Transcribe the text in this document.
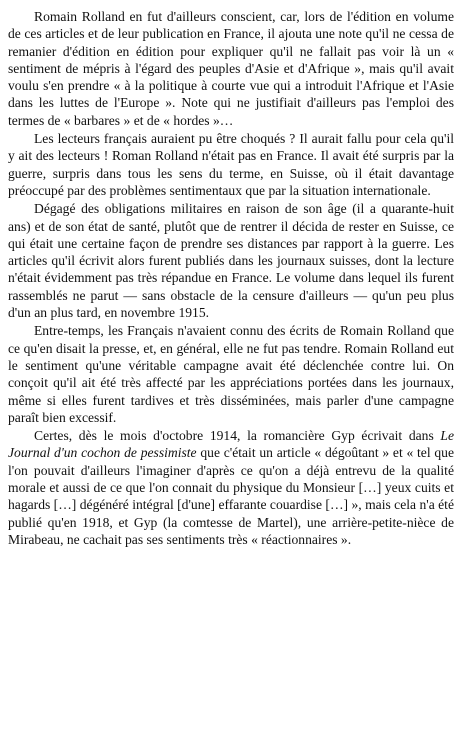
Romain Rolland en fut d'ailleurs conscient, car, lors de l'édition en volume de ces articles et de leur publication en France, il ajouta une note qu'il ne cessa de remanier d'édition en édition pour expliquer qu'il ne fallait pas voir là un « sentiment de mépris à l'égard des peuples d'Asie et d'Afrique », mais qu'il avait voulu s'en prendre « à la politique à courte vue qui a introduit l'Afrique et l'Asie dans les luttes de l'Europe ». Note qui ne justifiait d'ailleurs pas l'emploi des termes de « barbares » et de « hordes »…

Les lecteurs français auraient pu être choqués ? Il aurait fallu pour cela qu'il y ait des lecteurs ! Roman Rolland n'était pas en France. Il avait été surpris par la guerre, surpris dans tous les sens du terme, en Suisse, où il était davantage préoccupé par des problèmes sentimentaux que par la situation internationale.

Dégagé des obligations militaires en raison de son âge (il a quarante-huit ans) et de son état de santé, plutôt que de rentrer il décida de rester en Suisse, ce qui était une certaine façon de prendre ses distances par rapport à la guerre. Les articles qu'il écrivit alors furent publiés dans les journaux suisses, dont la lecture n'était évidemment pas très répandue en France. Le volume dans lequel ils furent rassemblés ne parut — sans obstacle de la censure d'ailleurs — qu'un peu plus d'un an plus tard, en novembre 1915.

Entre-temps, les Français n'avaient connu des écrits de Romain Rolland que ce qu'en disait la presse, et, en général, elle ne fut pas tendre. Romain Rolland eut le sentiment qu'une véritable campagne avait été déclenchée contre lui. On conçoit qu'il ait été très affecté par les appréciations portées dans les journaux, même si elles furent tardives et très disséminées, mais parler d'une campagne paraît bien excessif.

Certes, dès le mois d'octobre 1914, la romancière Gyp écrivait dans Le Journal d'un cochon de pessimiste que c'était un article « dégoûtant » et « tel que l'on pouvait d'ailleurs l'imaginer d'après ce qu'on a déjà entrevu de la qualité morale et aussi de ce que l'on connait du physique du Monsieur […] yeux cuits et hagards […] dégénéré intégral [d'une] effarante couardise […] », mais cela n'a été publié qu'en 1918, et Gyp (la comtesse de Martel), une arrière-petite-nièce de Mirabeau, ne cachait pas ses sentiments très « réactionnaires ».
